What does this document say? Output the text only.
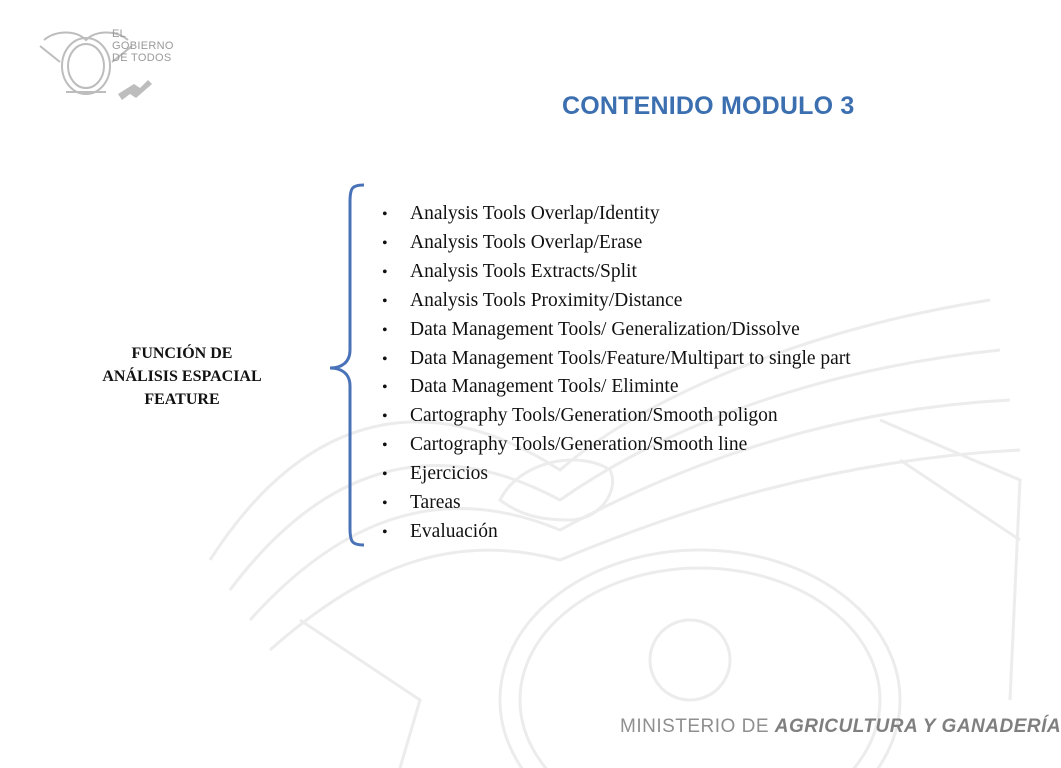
EL
GOBIERNO
DE TODOS
CONTENIDO MODULO 3
FUNCIÓN DE
ANÁLISIS ESPACIAL
FEATURE
• Analysis Tools Overlap/Identity
• Analysis Tools Overlap/Erase
• Analysis Tools Extracts/Split
• Analysis Tools Proximity/Distance
• Data Management Tools/ Generalization/Dissolve
• Data Management Tools/Feature/Multipart to single part
• Data Management Tools/ Eliminte
• Cartography Tools/Generation/Smooth poligon
• Cartography Tools/Generation/Smooth line
• Ejercicios
• Tareas
• Evaluación
MINISTERIO DE AGRICULTURA Y GANADERÍA
